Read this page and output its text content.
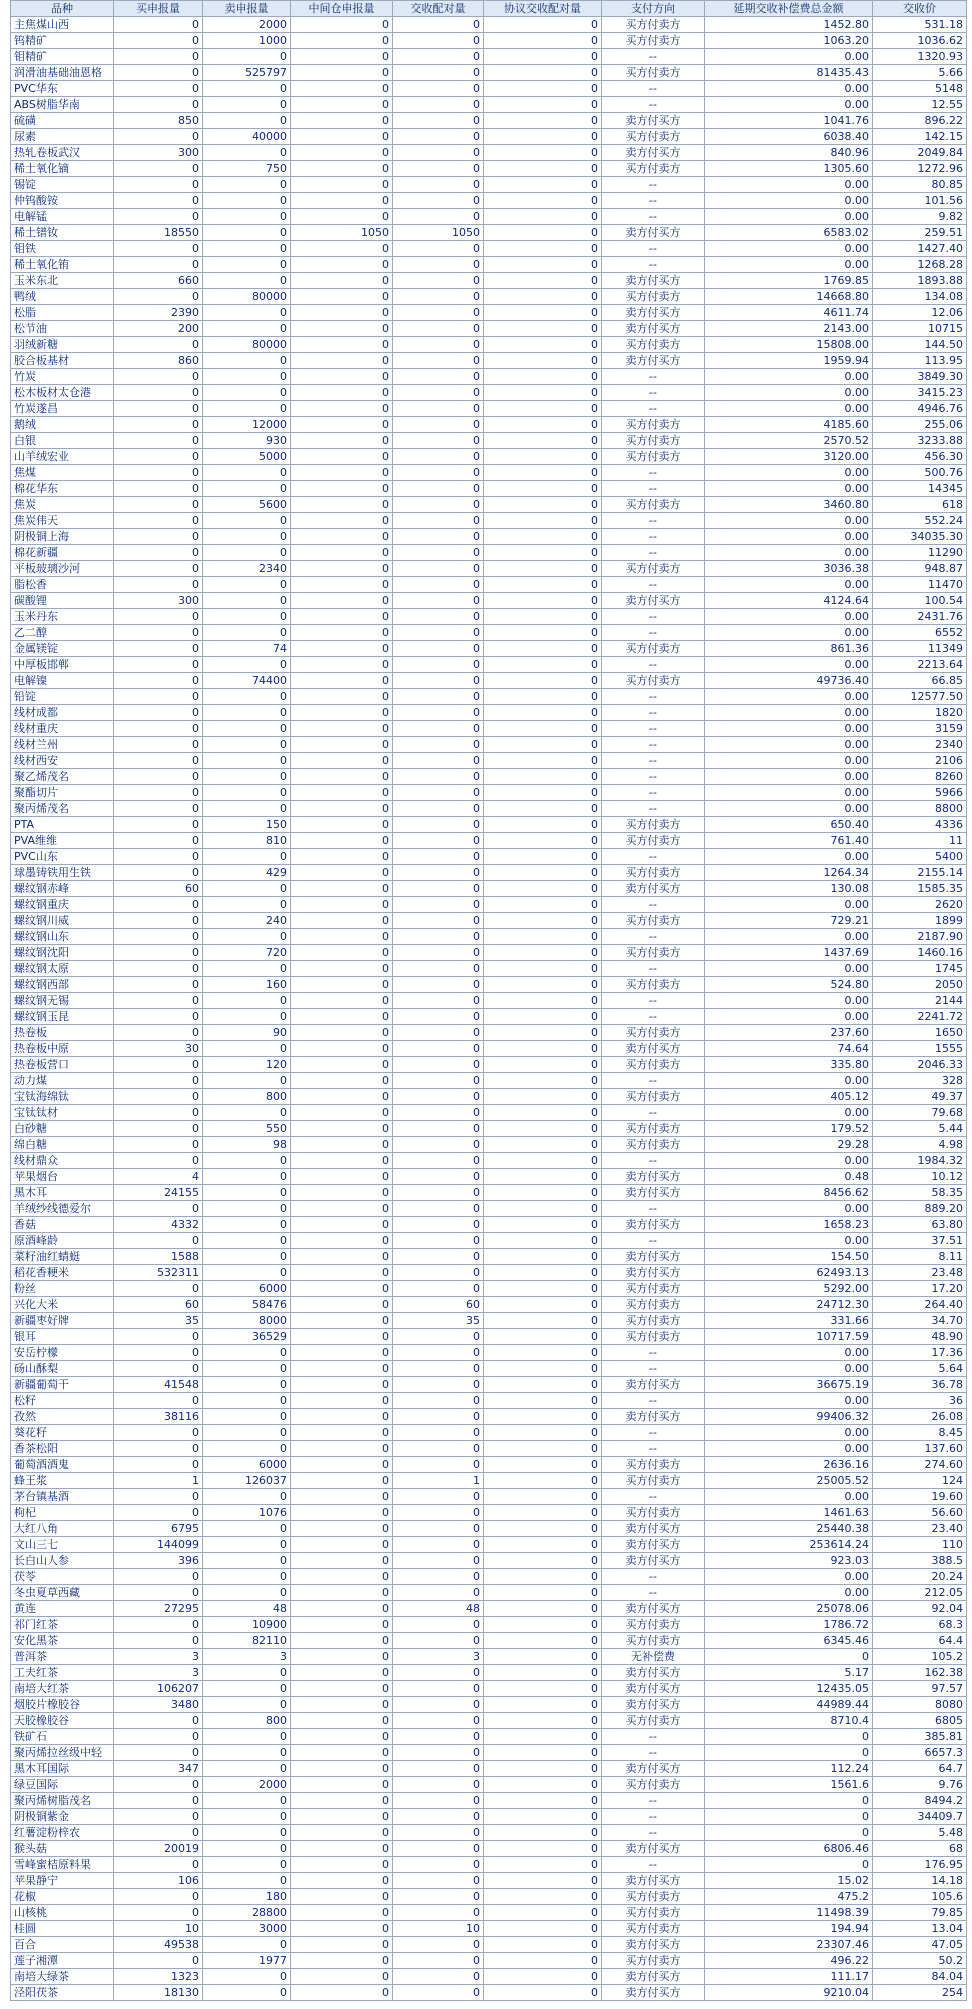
品种	买申报量	卖申报量	中间仓申报量	交收配对量	协议交收配对量	支付方向	延期交收补偿费总金额	交收价
主焦煤山西	0	2000	0	0	0	买方付卖方	1452.80	531.18
钨精矿	0	1000	0	0	0	买方付卖方	1063.20	1036.62
钼精矿	0	0	0	0	0	--	0.00	1320.93
润滑油基础油恩格	0	525797	0	0	0	买方付卖方	81435.43	5.66
PVC华东	0	0	0	0	0	--	0.00	5148
ABS树脂华南	0	0	0	0	0	--	0.00	12.55
硫磺	850	0	0	0	0	卖方付买方	1041.76	896.22
尿素	0	40000	0	0	0	买方付卖方	6038.40	142.15
热轧卷板武汉	300	0	0	0	0	卖方付买方	840.96	2049.84
稀土氧化镝	0	750	0	0	0	买方付卖方	1305.60	1272.96
锡锭	0	0	0	0	0	--	0.00	80.85
仲钨酸铵	0	0	0	0	0	--	0.00	101.56
电解锰	0	0	0	0	0	--	0.00	9.82
稀土镨钕	18550	0	1050	1050	0	卖方付买方	6583.02	259.51
钼铁	0	0	0	0	0	--	0.00	1427.40
稀土氧化铕	0	0	0	0	0	--	0.00	1268.28
玉米东北	660	0	0	0	0	卖方付买方	1769.85	1893.88
鸭绒	0	80000	0	0	0	买方付卖方	14668.80	134.08
松脂	2390	0	0	0	0	卖方付买方	4611.74	12.06
松节油	200	0	0	0	0	卖方付买方	2143.00	10715
羽绒新糖	0	80000	0	0	0	买方付卖方	15808.00	144.50
胶合板基材	860	0	0	0	0	卖方付买方	1959.94	113.95
竹炭	0	0	0	0	0	--	0.00	3849.30
松木板材太仓港	0	0	0	0	0	--	0.00	3415.23
竹炭遂昌	0	0	0	0	0	--	0.00	4946.76
鹅绒	0	12000	0	0	0	买方付卖方	4185.60	255.06
白银	0	930	0	0	0	买方付卖方	2570.52	3233.88
山羊绒宏业	0	5000	0	0	0	买方付卖方	3120.00	456.30
焦煤	0	0	0	0	0	--	0.00	500.76
棉花华东	0	0	0	0	0	--	0.00	14345
焦炭	0	5600	0	0	0	买方付卖方	3460.80	618
焦炭伟天	0	0	0	0	0	--	0.00	552.24
阴极铜上海	0	0	0	0	0	--	0.00	34035.30
棉花新疆	0	0	0	0	0	--	0.00	11290
平板玻璃沙河	0	2340	0	0	0	买方付卖方	3036.38	948.87
脂松香	0	0	0	0	0	--	0.00	11470
碳酸锂	300	0	0	0	0	卖方付买方	4124.64	100.54
玉米丹东	0	0	0	0	0	--	0.00	2431.76
乙二醇	0	0	0	0	0	--	0.00	6552
金属镁锭	0	74	0	0	0	买方付卖方	861.36	11349
中厚板邯郸	0	0	0	0	0	--	0.00	2213.64
电解镍	0	74400	0	0	0	买方付卖方	49736.40	66.85
铅锭	0	0	0	0	0	--	0.00	12577.50
线材成都	0	0	0	0	0	--	0.00	1820
线材重庆	0	0	0	0	0	--	0.00	3159
线材兰州	0	0	0	0	0	--	0.00	2340
线材西安	0	0	0	0	0	--	0.00	2106
聚乙烯茂名	0	0	0	0	0	--	0.00	8260
聚酯切片	0	0	0	0	0	--	0.00	5966
聚丙烯茂名	0	0	0	0	0	--	0.00	8800
PTA	0	150	0	0	0	买方付卖方	650.40	4336
PVA维维	0	810	0	0	0	买方付卖方	761.40	11
PVC山东	0	0	0	0	0	--	0.00	5400
球墨铸铁用生铁	0	429	0	0	0	买方付卖方	1264.34	2155.14
螺纹钢赤峰	60	0	0	0	0	卖方付买方	130.08	1585.35
螺纹钢重庆	0	0	0	0	0	--	0.00	2620
螺纹钢川威	0	240	0	0	0	买方付卖方	729.21	1899
螺纹钢山东	0	0	0	0	0	--	0.00	2187.90
螺纹钢沈阳	0	720	0	0	0	买方付卖方	1437.69	1460.16
螺纹钢太原	0	0	0	0	0	--	0.00	1745
螺纹钢西部	0	160	0	0	0	买方付卖方	524.80	2050
螺纹钢无锡	0	0	0	0	0	--	0.00	2144
螺纹钢玉昆	0	0	0	0	0	--	0.00	2241.72
热卷板	0	90	0	0	0	买方付卖方	237.60	1650
热卷板中原	30	0	0	0	0	卖方付买方	74.64	1555
热卷板营口	0	120	0	0	0	买方付卖方	335.80	2046.33
动力煤	0	0	0	0	0	--	0.00	328
宝钛海绵钛	0	800	0	0	0	买方付卖方	405.12	49.37
宝钛钛材	0	0	0	0	0	--	0.00	79.68
白砂糖	0	550	0	0	0	买方付卖方	179.52	5.44
绵白糖	0	98	0	0	0	买方付卖方	29.28	4.98
线材鼎众	0	0	0	0	0	--	0.00	1984.32
苹果烟台	4	0	0	0	0	卖方付买方	0.48	10.12
黑木耳	24155	0	0	0	0	卖方付买方	8456.62	58.35
羊绒纱线德爱尔	0	0	0	0	0	--	0.00	889.20
香菇	4332	0	0	0	0	卖方付买方	1658.23	63.80
原酒峰龄	0	0	0	0	0	--	0.00	37.51
菜籽油红蜻蜓	1588	0	0	0	0	卖方付买方	154.50	8.11
稻花香粳米	532311	0	0	0	0	卖方付买方	62493.13	23.48
粉丝	0	6000	0	0	0	买方付卖方	5292.00	17.20
兴化大米	60	58476	0	60	0	买方付卖方	24712.30	264.40
新疆枣好牌	35	8000	0	35	0	买方付卖方	331.66	34.70
银耳	0	36529	0	0	0	买方付卖方	10717.59	48.90
安岳柠檬	0	0	0	0	0	--	0.00	17.36
砀山酥梨	0	0	0	0	0	--	0.00	5.64
新疆葡萄干	41548	0	0	0	0	卖方付买方	36675.19	36.78
松籽	0	0	0	0	0	--	0.00	36
孜然	38116	0	0	0	0	卖方付买方	99406.32	26.08
葵花籽	0	0	0	0	0	--	0.00	8.45
香茶松阳	0	0	0	0	0	--	0.00	137.60
葡萄酒酒鬼	0	6000	0	0	0	买方付卖方	2636.16	274.60
蜂王浆	1	126037	0	1	0	买方付卖方	25005.52	124
茅台镇基酒	0	0	0	0	0	--	0.00	19.60
枸杞	0	1076	0	0	0	买方付卖方	1461.63	56.60
大红八角	6795	0	0	0	0	卖方付买方	25440.38	23.40
文山三七	144099	0	0	0	0	卖方付买方	253614.24	110
长白山人参	396	0	0	0	0	卖方付买方	923.03	388.5
茯苓	0	0	0	0	0	--	0.00	20.24
冬虫夏草西藏	0	0	0	0	0	--	0.00	212.05
黄连	27295	48	0	48	0	卖方付买方	25078.06	92.04
祁门红茶	0	10900	0	0	0	买方付卖方	1786.72	68.3
安化黑茶	0	82110	0	0	0	买方付卖方	6345.46	64.4
普洱茶	3	3	0	3	0	无补偿费	0	105.2
工夫红茶	3	0	0	0	0	卖方付买方	5.17	162.38
南培大红茶	106207	0	0	0	0	卖方付买方	12435.05	97.57
烟胶片橡胶谷	3480	0	0	0	0	卖方付买方	44989.44	8080
天胶橡胶谷	0	800	0	0	0	买方付卖方	8710.4	6805
铁矿石	0	0	0	0	0	--	0	385.81
聚丙烯拉丝级中轻	0	0	0	0	0	--	0	6657.3
黑木耳国际	347	0	0	0	0	卖方付买方	112.24	64.7
绿豆国际	0	2000	0	0	0	买方付卖方	1561.6	9.76
聚丙烯树脂茂名	0	0	0	0	0	--	0	8494.2
阴极铜紫金	0	0	0	0	0	--	0	34409.7
红薯淀粉梓农	0	0	0	0	0	--	0	5.48
猴头菇	20019	0	0	0	0	卖方付买方	6806.46	68
雪峰蜜桔原料果	0	0	0	0	0	--	0	176.95
苹果静宁	106	0	0	0	0	卖方付买方	15.02	14.18
花椒	0	180	0	0	0	买方付卖方	475.2	105.6
山核桃	0	28800	0	0	0	买方付卖方	11498.39	79.85
桂圆	10	3000	0	10	0	买方付卖方	194.94	13.04
百合	49538	0	0	0	0	卖方付买方	23307.46	47.05
莲子湘潭	0	1977	0	0	0	买方付卖方	496.22	50.2
南培大绿茶	1323	0	0	0	0	卖方付买方	111.17	84.04
泾阳茯茶	18130	0	0	0	0	卖方付买方	9210.04	254
